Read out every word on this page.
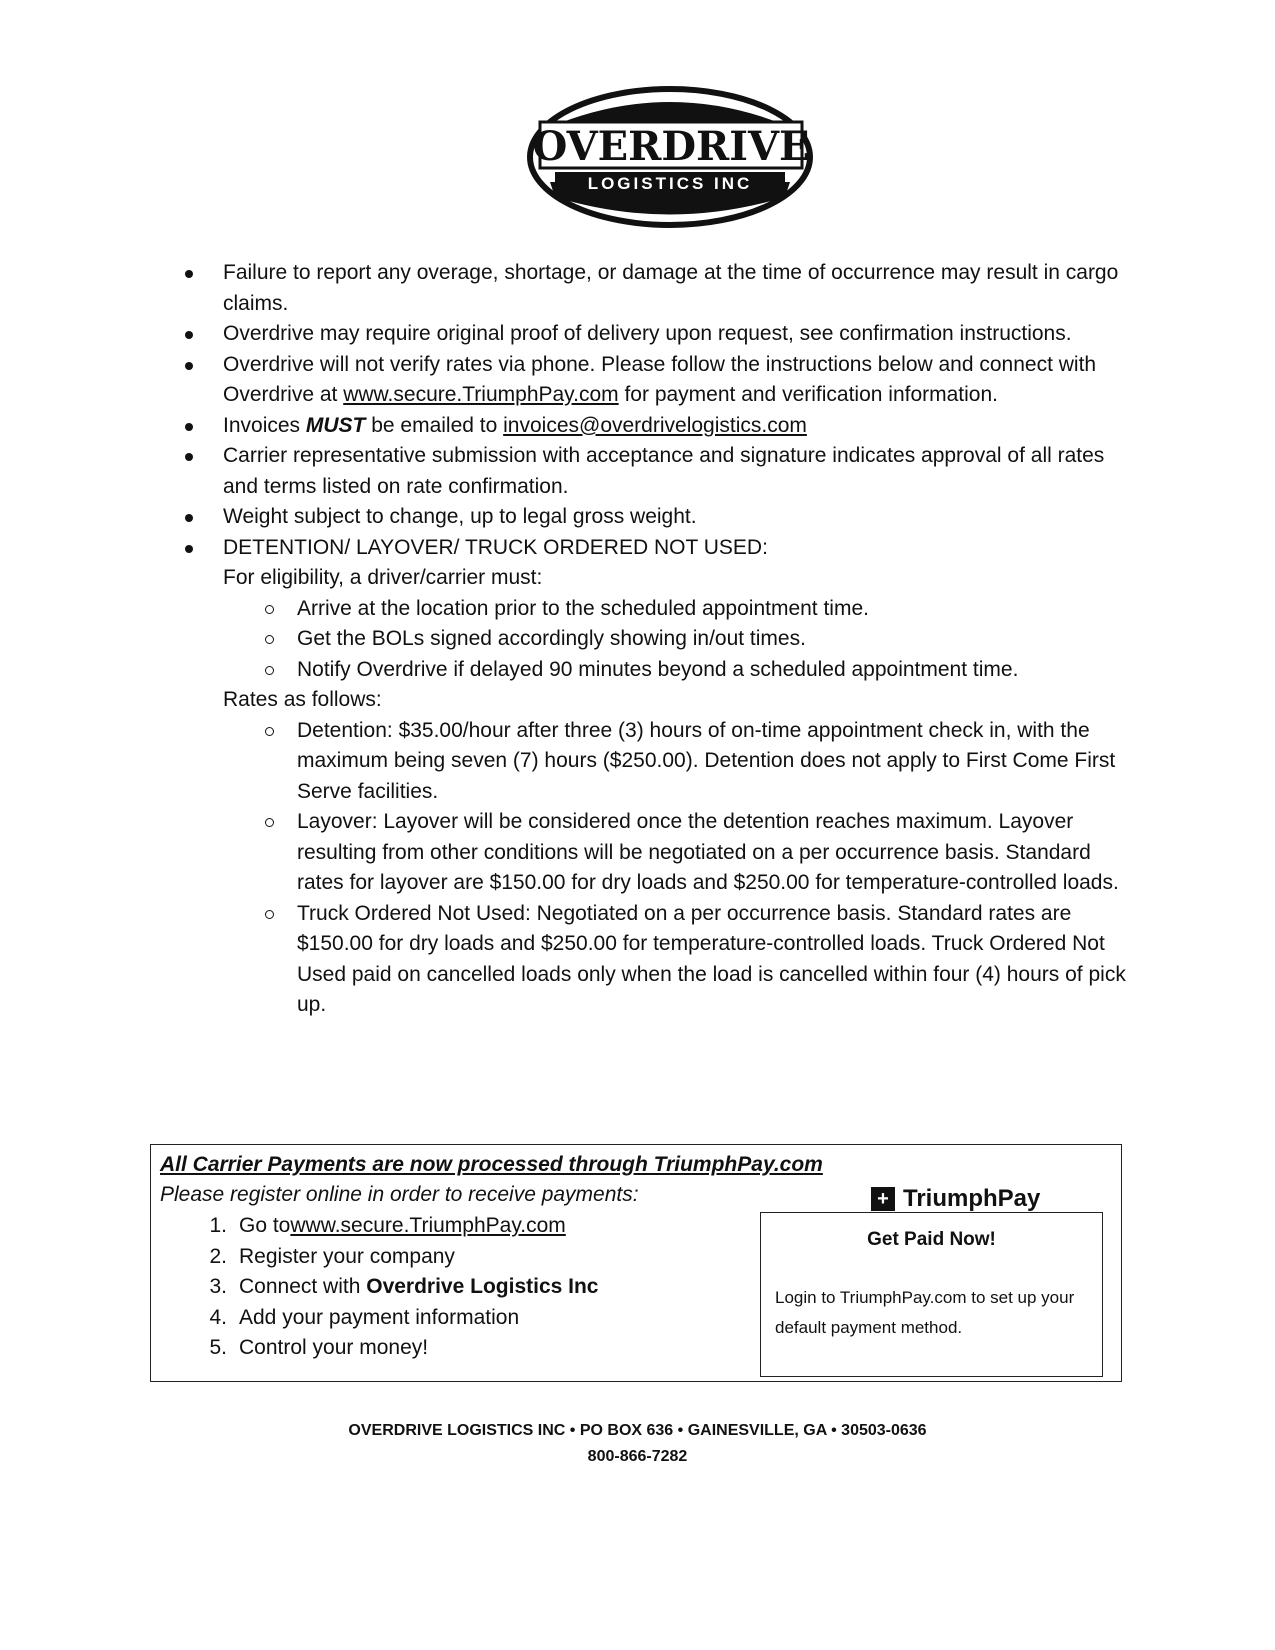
OVERDRIVE
LOGISTICS INC
Failure to report any overage, shortage, or damage at the time of occurrence may result in cargo claims.
Overdrive may require original proof of delivery upon request, see confirmation instructions.
Overdrive will not verify rates via phone. Please follow the instructions below and connect with Overdrive at www.secure.TriumphPay.com for payment and verification information.
Invoices MUST be emailed to invoices@overdrivelogistics.com
Carrier representative submission with acceptance and signature indicates approval of all rates and terms listed on rate confirmation.
Weight subject to change, up to legal gross weight.
DETENTION/ LAYOVER/ TRUCK ORDERED NOT USED:
For eligibility, a driver/carrier must:
Arrive at the location prior to the scheduled appointment time.
Get the BOLs signed accordingly showing in/out times.
Notify Overdrive if delayed 90 minutes beyond a scheduled appointment time.
Rates as follows:
Detention: $35.00/hour after three (3) hours of on-time appointment check in, with the maximum being seven (7) hours ($250.00). Detention does not apply to First Come First Serve facilities.
Layover: Layover will be considered once the detention reaches maximum. Layover resulting from other conditions will be negotiated on a per occurrence basis. Standard rates for layover are $150.00 for dry loads and $250.00 for temperature-controlled loads.
Truck Ordered Not Used: Negotiated on a per occurrence basis. Standard rates are $150.00 for dry loads and $250.00 for temperature-controlled loads. Truck Ordered Not Used paid on cancelled loads only when the load is cancelled within four (4) hours of pick up.
All Carrier Payments are now processed through TriumphPay.com
Please register online in order to receive payments:
1. Go to www.secure.TriumphPay.com
2. Register your company
3. Connect with Overdrive Logistics Inc
4. Add your payment information
5. Control your money!
+ TriumphPay
Get Paid Now!
Login to TriumphPay.com to set up your default payment method.
OVERDRIVE LOGISTICS INC • PO BOX 636 • GAINESVILLE, GA • 30503-0636
800-866-7282
